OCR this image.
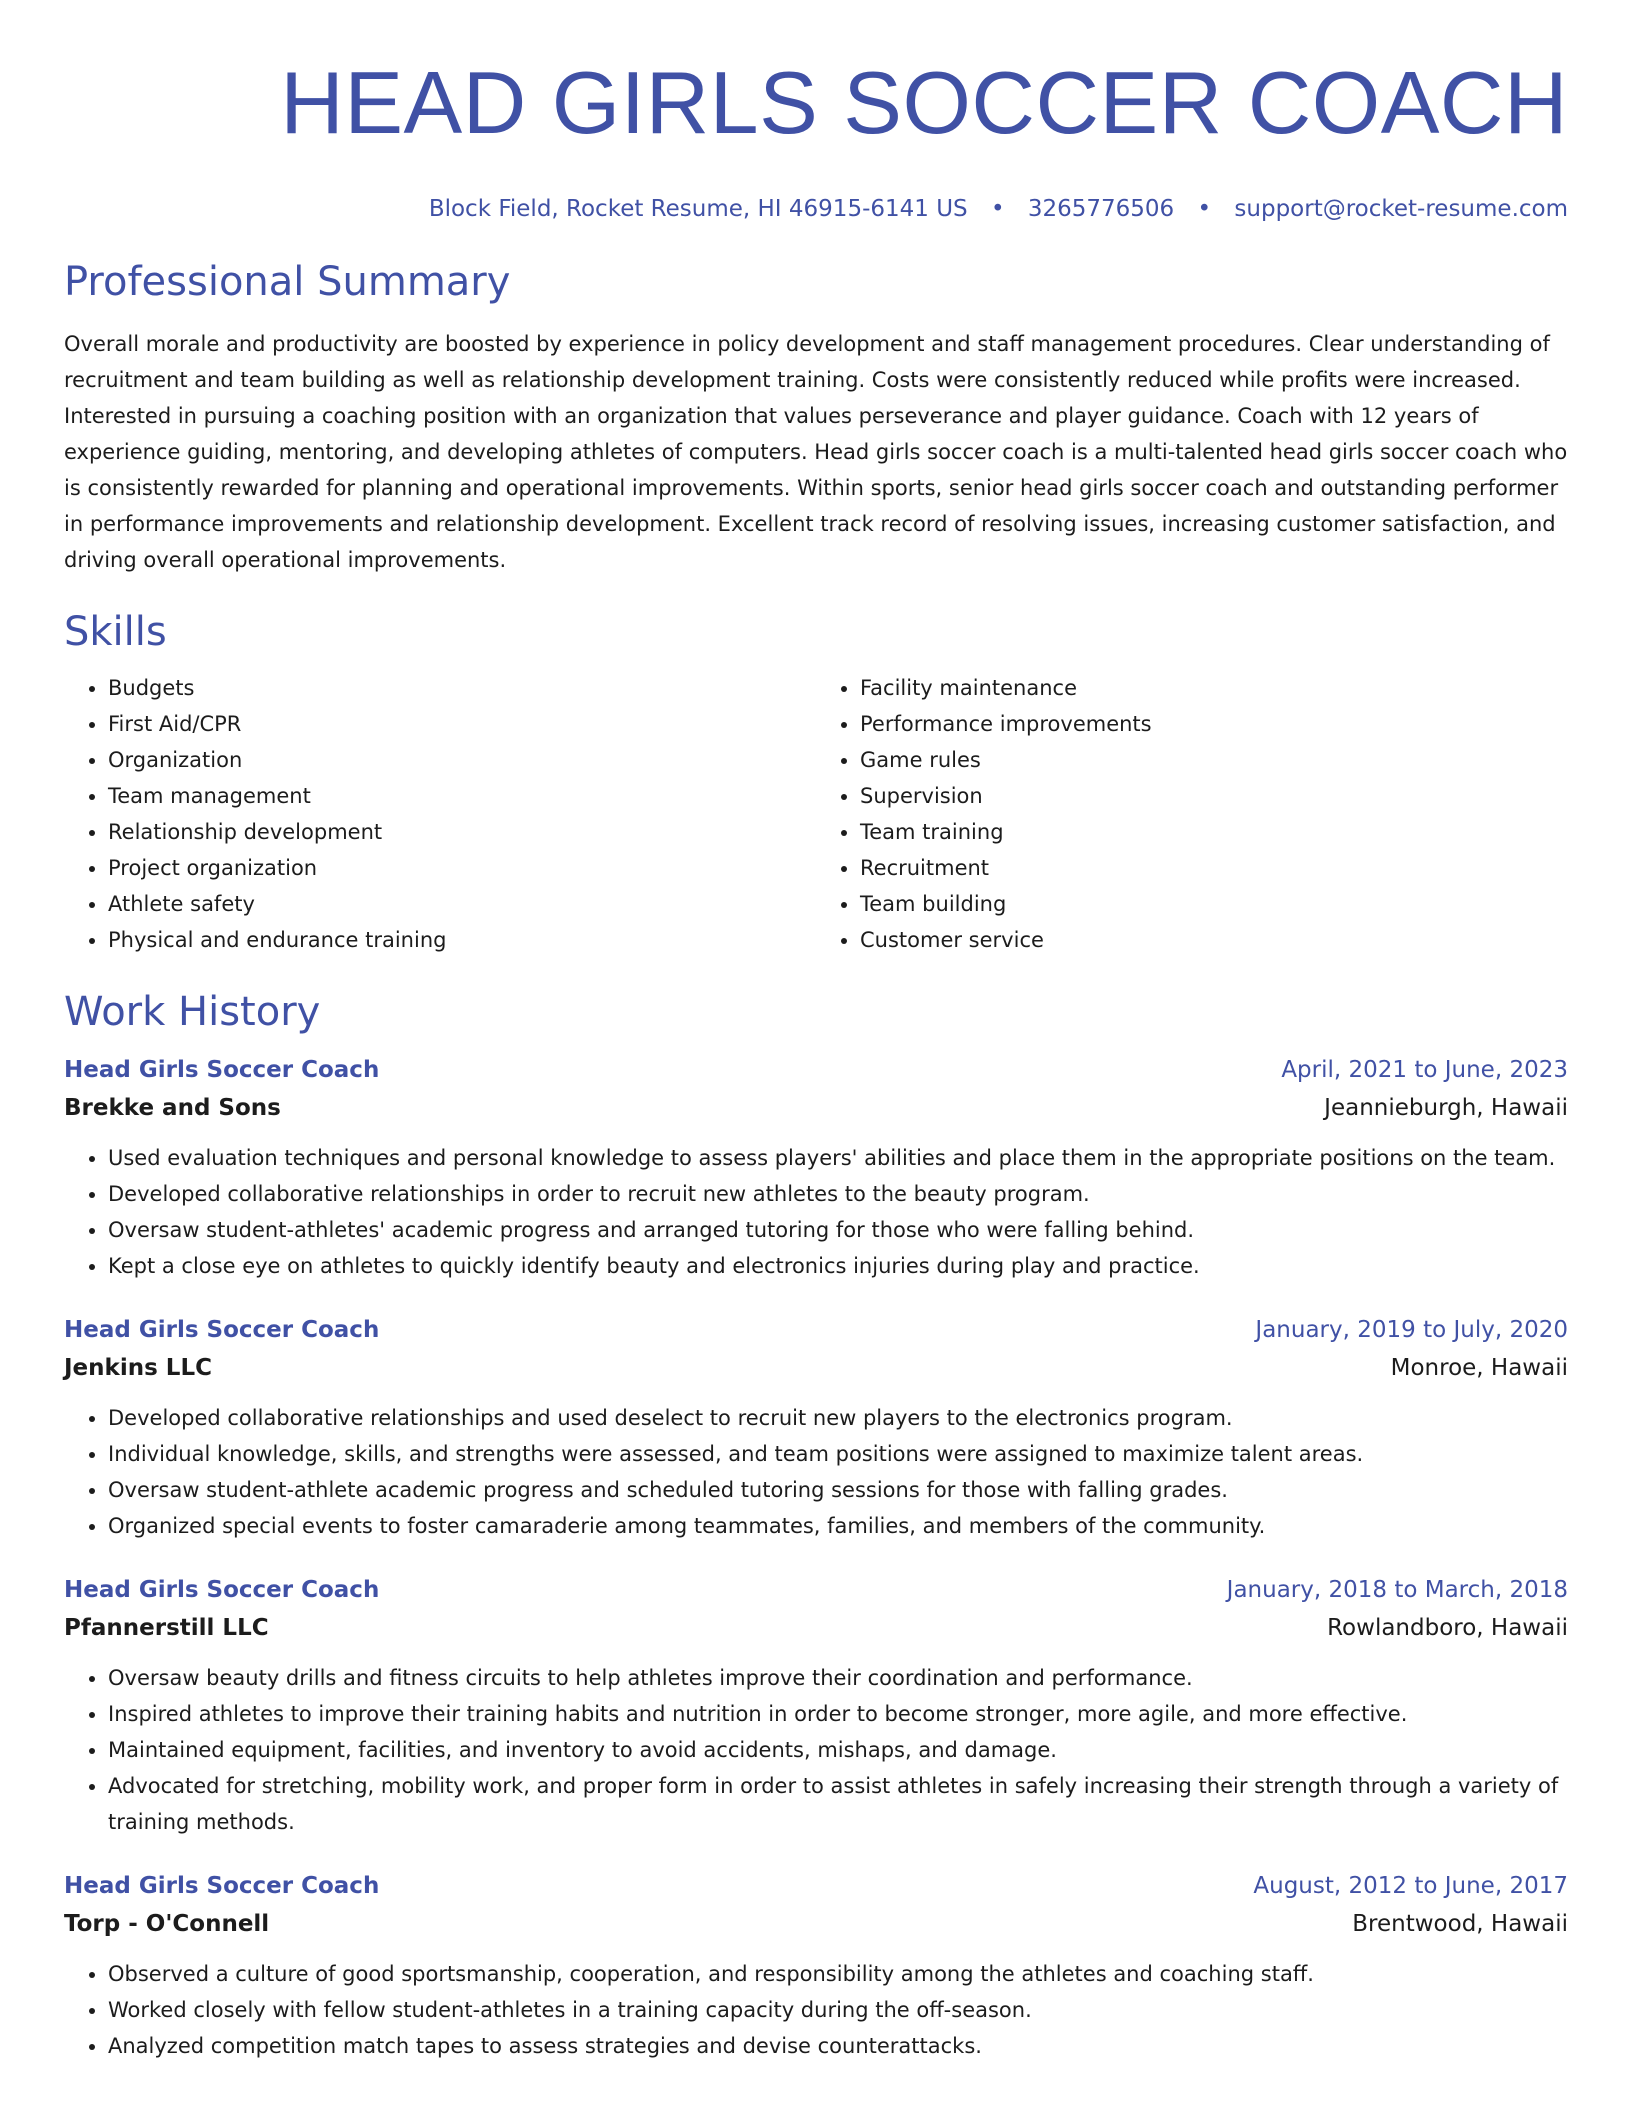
HEAD GIRLS SOCCER COACH
Block Field, Rocket Resume, HI 46915-6141 US • 3265776506 • support@rocket-resume.com
Professional Summary

Overall morale and productivity are boosted by experience in policy development and staff management procedures. Clear understanding of recruitment and team building as well as relationship development training. Costs were consistently reduced while profits were increased. Interested in pursuing a coaching position with an organization that values perseverance and player guidance. Coach with 12 years of experience guiding, mentoring, and developing athletes of computers. Head girls soccer coach is a multi-talented head girls soccer coach who is consistently rewarded for planning and operational improvements. Within sports, senior head girls soccer coach and outstanding performer in performance improvements and relationship development. Excellent track record of resolving issues, increasing customer satisfaction, and driving overall operational improvements.

Skills
• Budgets
• First Aid/CPR
• Organization
• Team management
• Relationship development
• Project organization
• Athlete safety
• Physical and endurance training
• Facility maintenance
• Performance improvements
• Game rules
• Supervision
• Team training
• Recruitment
• Team building
• Customer service
Work History
Head Girls Soccer Coach	April, 2021 to June, 2023
Brekke and Sons	Jeannieburgh, Hawaii
• Used evaluation techniques and personal knowledge to assess players' abilities and place them in the appropriate positions on the team.
• Developed collaborative relationships in order to recruit new athletes to the beauty program.
• Oversaw student-athletes' academic progress and arranged tutoring for those who were falling behind.
• Kept a close eye on athletes to quickly identify beauty and electronics injuries during play and practice.
Head Girls Soccer Coach	January, 2019 to July, 2020
Jenkins LLC	Monroe, Hawaii
• Developed collaborative relationships and used deselect to recruit new players to the electronics program.
• Individual knowledge, skills, and strengths were assessed, and team positions were assigned to maximize talent areas.
• Oversaw student-athlete academic progress and scheduled tutoring sessions for those with falling grades.
• Organized special events to foster camaraderie among teammates, families, and members of the community.
Head Girls Soccer Coach	January, 2018 to March, 2018
Pfannerstill LLC	Rowlandboro, Hawaii
• Oversaw beauty drills and fitness circuits to help athletes improve their coordination and performance.
• Inspired athletes to improve their training habits and nutrition in order to become stronger, more agile, and more effective.
• Maintained equipment, facilities, and inventory to avoid accidents, mishaps, and damage.
• Advocated for stretching, mobility work, and proper form in order to assist athletes in safely increasing their strength through a variety of training methods.
Head Girls Soccer Coach	August, 2012 to June, 2017
Torp - O'Connell	Brentwood, Hawaii
• Observed a culture of good sportsmanship, cooperation, and responsibility among the athletes and coaching staff.
• Worked closely with fellow student-athletes in a training capacity during the off-season.
• Analyzed competition match tapes to assess strategies and devise counterattacks.
